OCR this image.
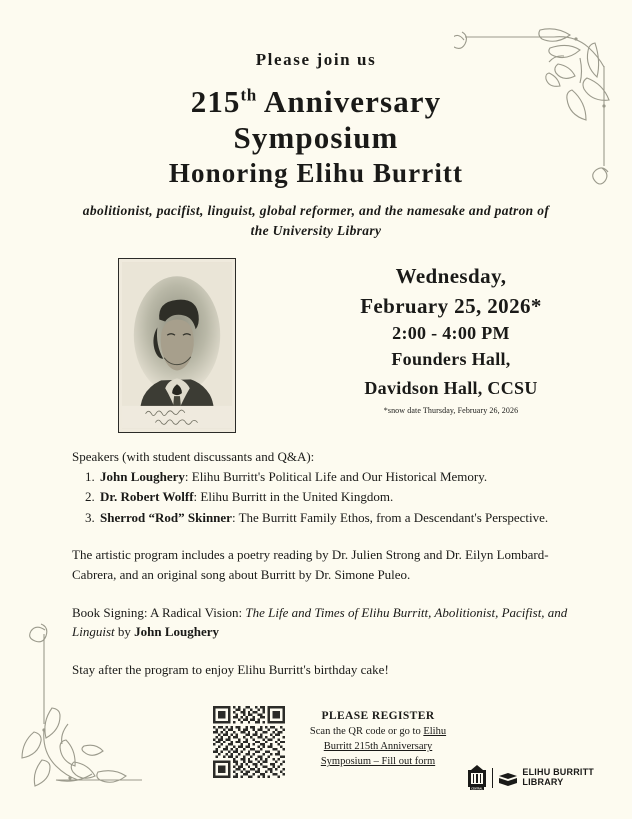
Please join us
215th Anniversary
Symposium
Honoring Elihu Burritt
abolitionist, pacifist, linguist, global reformer, and the namesake and patron of the University Library

Wednesday,

February 25, 2026*

2:00 - 4:00 PM

Founders Hall,

Davidson Hall, CCSU

*snow date Thursday, February 26, 2026

Speakers (with student discussants and Q&A):

1. John Loughery: Elihu Burritt's Political Life and Our Historical Memory.
2. Dr. Robert Wolff: Elihu Burritt in the United Kingdom.
3. Sherrod “Rod” Skinner: The Burritt Family Ethos, from a Descendant's Perspective.

The artistic program includes a poetry reading by Dr. Julien Strong and Dr. Eilyn Lombard-Cabrera, and an original song about Burritt by Dr. Simone Puleo.

Book Signing: A Radical Vision: The Life and Times of Elihu Burritt, Abolitionist, Pacifist, and Linguist by John Loughery

Stay after the program to enjoy Elihu Burritt's birthday cake!

PLEASE REGISTER

Scan the QR code or go to Elihu Burritt 215th Anniversary Symposium – Fill out form

CENTRAL
ELIHU BURRITT
LIBRARY
